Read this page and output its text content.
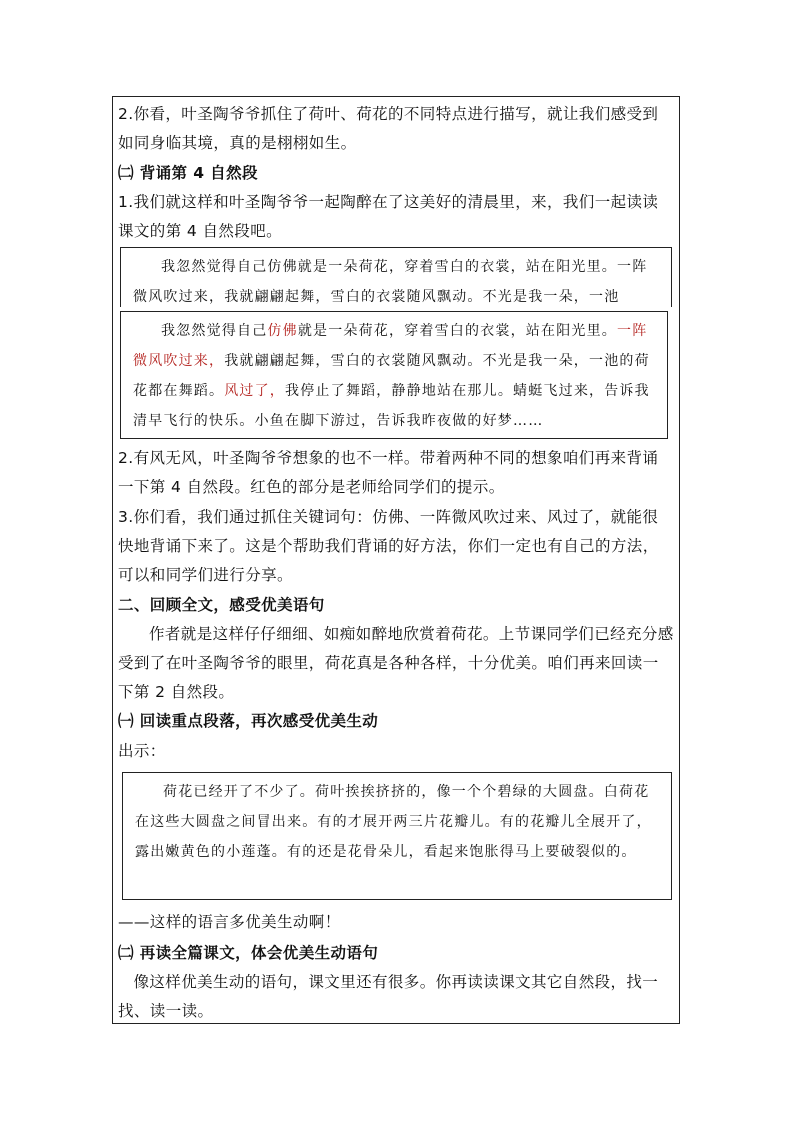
2.你看，叶圣陶爷爷抓住了荷叶、荷花的不同特点进行描写，就让我们感受到如同身临其境，真的是栩栩如生。

㈡ 背诵第 4 自然段

1.我们就这样和叶圣陶爷爷一起陶醉在了这美好的清晨里，来，我们一起读读课文的第 4 自然段吧。

我忽然觉得自己仿佛就是一朵荷花，穿着雪白的衣裳，站在阳光里。一阵微风吹过来，我就翩翩起舞，雪白的衣裳随风飘动。不光是我一朵，一池
我忽然觉得自己仿佛就是一朵荷花，穿着雪白的衣裳，站在阳光里。一阵微风吹过来，我就翩翩起舞，雪白的衣裳随风飘动。不光是我一朵，一池的荷花都在舞蹈。风过了，我停止了舞蹈，静静地站在那儿。蜻蜓飞过来，告诉我清早飞行的快乐。小鱼在脚下游过，告诉我昨夜做的好梦……

2.有风无风，叶圣陶爷爷想象的也不一样。带着两种不同的想象咱们再来背诵一下第 4 自然段。红色的部分是老师给同学们的提示。

3.你们看，我们通过抓住关键词句：仿佛、一阵微风吹过来、风过了，就能很快地背诵下来了。这是个帮助我们背诵的好方法，你们一定也有自己的方法，可以和同学们进行分享。

二、回顾全文，感受优美语句

作者就是这样仔仔细细、如痴如醉地欣赏着荷花。上节课同学们已经充分感受到了在叶圣陶爷爷的眼里，荷花真是各种各样，十分优美。咱们再来回读一下第 2 自然段。

㈠ 回读重点段落，再次感受优美生动

出示：

荷花已经开了不少了。荷叶挨挨挤挤的，像一个个碧绿的大圆盘。白荷花在这些大圆盘之间冒出来。有的才展开两三片花瓣儿。有的花瓣儿全展开了，露出嫩黄色的小莲蓬。有的还是花骨朵儿，看起来饱胀得马上要破裂似的。

——这样的语言多优美生动啊！

㈡ 再读全篇课文，体会优美生动语句

像这样优美生动的语句，课文里还有很多。你再读读课文其它自然段，找一找、读一读。
